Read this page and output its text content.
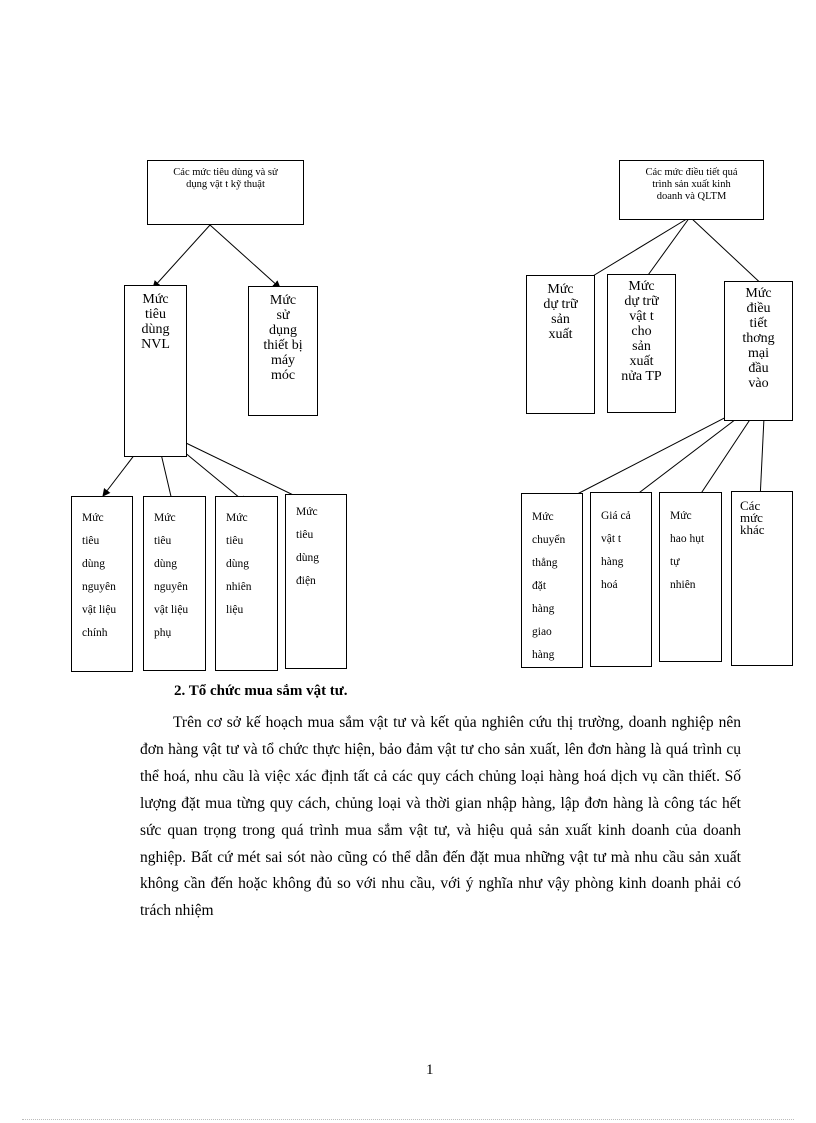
Các mức tiêu dùng và sử
dụng vật t kỹ thuật
Mức
tiêu
dùng
NVL
Mức
sử
dụng
thiết bị
máy
móc
Mức
tiêu
dùng
nguyên
vật liệu
chính
Mức
tiêu
dùng
nguyên
vật liệu
phụ
Mức
tiêu
dùng
nhiên
liệu
Mức
tiêu
dùng
điện
Các mức điều tiết quá
trình sản xuất kinh
doanh và QLTM
Mức
dự trữ
sản
xuất
Mức
dự trữ
vật t
cho
sản
xuất
nửa TP
Mức
điều
tiết
thơng
mại
đầu
vào
Mức
chuyển
thẳng
đặt
hàng
giao
hàng
Giá cả
vật t
hàng
hoá
Mức
hao hụt
tự
nhiên
Các
mức
khác
2. Tổ chức mua sắm vật tư.
Trên cơ sở kế hoạch mua sắm vật tư và kết qủa nghiên cứu thị trường, doanh nghiệp nên đơn hàng vật tư và tổ chức thực hiện, bảo đảm vật tư cho sản xuất, lên đơn hàng là quá trình cụ thể hoá, nhu cầu là việc xác định tất cả các quy cách chủng loại hàng hoá dịch vụ cần thiết. Số lượng đặt mua từng quy cách, chủng loại và thời gian nhập hàng, lập đơn hàng là công tác hết sức quan trọng trong quá trình mua sắm vật tư, và hiệu quả sản xuất kinh doanh của doanh nghiệp. Bất cứ mét sai sót nào cũng có thể dẫn đến đặt mua những vật tư mà nhu cầu sản xuất không cần đến hoặc không đủ so với nhu cầu, với ý nghĩa như vậy phòng kinh doanh phải có trách nhiệm
1
